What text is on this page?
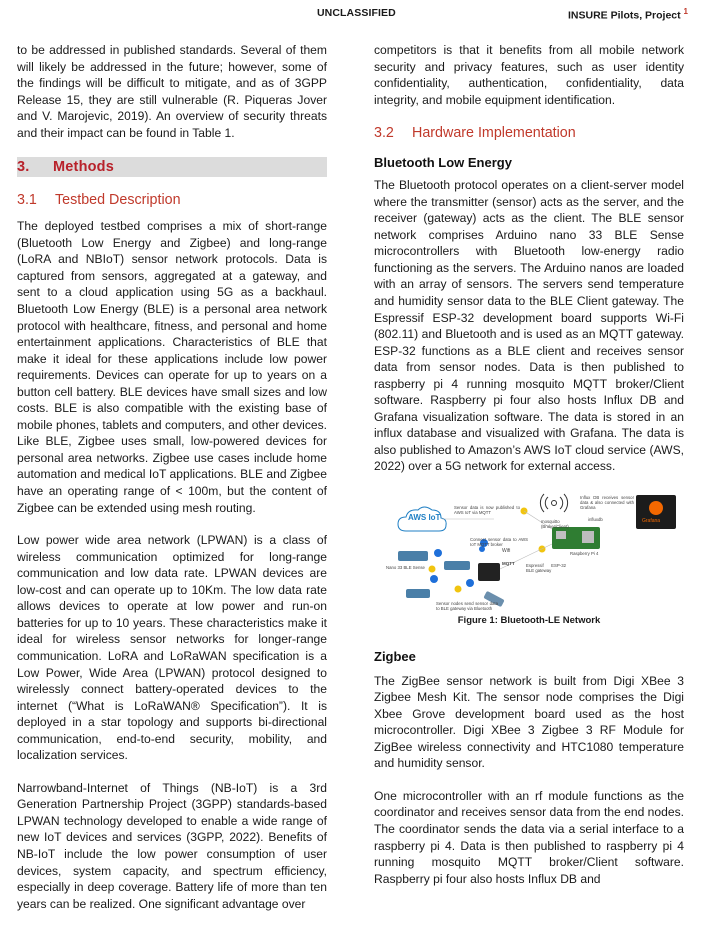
UNCLASSIFIED	INSURE Pilots, Project $^1$

to be addressed in published standards. Several of them will likely be addressed in the future; however, some of the findings will be difficult to mitigate, and as of 3GPP Release 15, they are still vulnerable (R. Piqueras Jover and V. Marojevic, 2019). An overview of security threats and their impact can be found in Table 1.

3. Methods
3.1 Testbed Description

The deployed testbed comprises a mix of short-range (Bluetooth Low Energy and Zigbee) and long-range (LoRA and NBIoT) sensor network protocols. Data is captured from sensors, aggregated at a gateway, and sent to a cloud application using 5G as a backhaul. Bluetooth Low Energy (BLE) is a personal area network protocol with healthcare, fitness, and personal and home entertainment applications. Characteristics of BLE that make it ideal for these applications include low power requirements. Devices can operate for up to years on a button cell battery. BLE devices have small sizes and low costs. BLE is also compatible with the existing base of mobile phones, tablets and computers, and other devices. Like BLE, Zigbee uses small, low-powered devices for personal area networks. Zigbee use cases include home automation and medical IoT applications. BLE and Zigbee have an operating range of < 100m, but the content of Zigbee can be extended using mesh routing.

Low power wide area network (LPWAN) is a class of wireless communication optimized for long-range communication and low data rate. LPWAN devices are low-cost and can operate up to 10Km. The low data rate allows devices to operate at low power and run-on batteries for up to 10 years. These characteristics make it ideal for wireless sensor networks for longer-range communication. LoRA and LoRaWAN specification is a Low Power, Wide Area (LPWAN) protocol designed to wirelessly connect battery-operated devices to the internet (“What is LoRaWAN® Specification”). It is deployed in a star topology and supports bi-directional communication, end-to-end security, mobility, and localization services.

Narrowband-Internet of Things (NB-IoT) is a 3rd Generation Partnership Project (3GPP) standards-based LPWAN technology developed to enable a wide range of new IoT devices and services (3GPP, 2022). Benefits of NB-IoT include the low power consumption of user devices, system capacity, and spectrum efficiency, especially in deep coverage. Battery life of more than ten years can be realized. One significant advantage over

competitors is that it benefits from all mobile network security and privacy features, such as user identity confidentiality, authentication, confidentiality, data integrity, and mobile equipment identification.

3.2 Hardware Implementation
Bluetooth Low Energy

The Bluetooth protocol operates on a client-server model where the transmitter (sensor) acts as the server, and the receiver (gateway) acts as the client. The BLE sensor network comprises Arduino nano 33 BLE Sense microcontrollers with Bluetooth low-energy radio functioning as the servers. The Arduino nanos are loaded with an array of sensors. The servers send temperature and humidity sensor data to the BLE Client gateway. The Espressif ESP-32 development board supports Wi-Fi (802.11) and Bluetooth and is used as an MQTT gateway. ESP-32 functions as a BLE client and receives sensor data from sensor nodes. Data is then published to raspberry pi 4 running mosquito MQTT broker/Client software. Raspberry pi four also hosts Influx DB and Grafana visualization software. The data is stored in an influx database and visualized with Grafana. The data is also published to Amazon’s AWS IoT cloud service (AWS, 2022) over a 5G network for external access.

AWS IoT
Sensor data is now published to AWS IoT via MQTT
mosquitto (Broker/Client)
influxdb	Grafana
Influx DB receives sensor data & also connected with Grafana
Raspberry Pi 4
Connect sensor data to AWS IoT MQTT broker
Wifi
MQTT	Espressif ESP-32 BLE gateway
Nano 33 BLE Sense
Sensor nodes send sensor data to BLE gateway via Bluetooth
Figure 1: Bluetooth-LE Network
Zigbee

The ZigBee sensor network is built from Digi XBee 3 Zigbee Mesh Kit. The sensor node comprises the Digi Xbee Grove development board used as the host microcontroller. Digi XBee 3 Zigbee 3 RF Module for ZigBee wireless connectivity and HTC1080 temperature and humidity sensor.

One microcontroller with an rf module functions as the coordinator and receives sensor data from the end nodes. The coordinator sends the data via a serial interface to a raspberry pi 4. Data is then published to raspberry pi 4 running mosquito MQTT broker/Client software. Raspberry pi four also hosts Influx DB and
